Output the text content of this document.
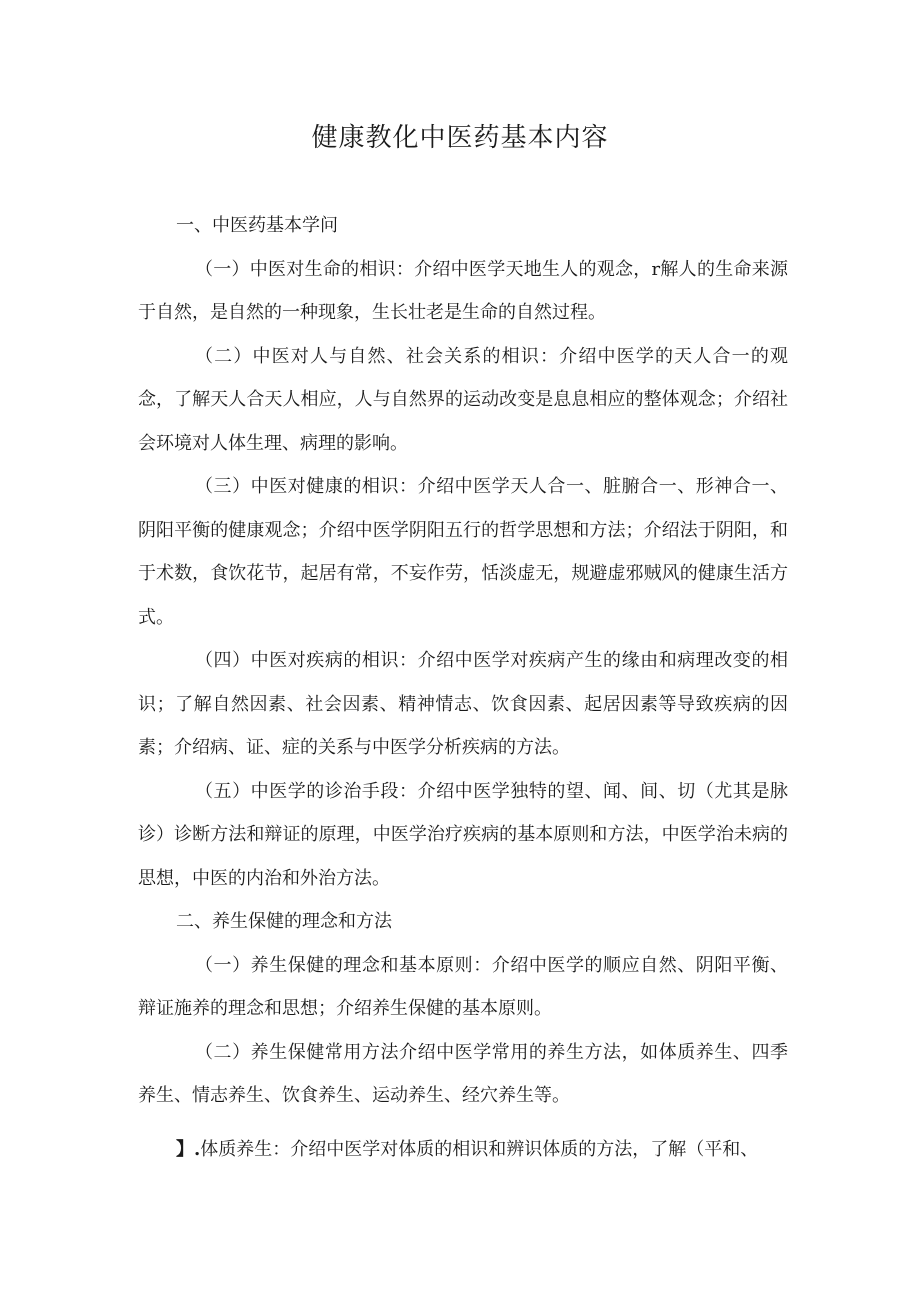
健康教化中医药基本内容

一、中医药基本学问

（一）中医对生命的相识：介绍中医学天地生人的观念，r解人的生命来源于自然，是自然的一种现象，生长壮老是生命的自然过程。

（二）中医对人与自然、社会关系的相识：介绍中医学的天人合一的观念，了解天人合天人相应，人与自然界的运动改变是息息相应的整体观念；介绍社会环境对人体生理、病理的影响。

（三）中医对健康的相识：介绍中医学天人合一、脏腑合一、形神合一、阴阳平衡的健康观念；介绍中医学阴阳五行的哲学思想和方法；介绍法于阴阳，和于术数，食饮花节，起居有常，不妄作劳，恬淡虚无，规避虚邪贼风的健康生活方式。

（四）中医对疾病的相识：介绍中医学对疾病产生的缘由和病理改变的相识；了解自然因素、社会因素、精神情志、饮食因素、起居因素等导致疾病的因素；介绍病、证、症的关系与中医学分析疾病的方法。

（五）中医学的诊治手段：介绍中医学独特的望、闻、间、切（尤其是脉诊）诊断方法和辩证的原理，中医学治疗疾病的基本原则和方法，中医学治未病的思想，中医的内治和外治方法。

二、养生保健的理念和方法

（一）养生保健的理念和基本原则：介绍中医学的顺应自然、阴阳平衡、辩证施养的理念和思想；介绍养生保健的基本原则。

（二）养生保健常用方法介绍中医学常用的养生方法，如体质养生、四季养生、情志养生、饮食养生、运动养生、经穴养生等。

】.体质养生：介绍中医学对体质的相识和辨识体质的方法，了解（平和、
